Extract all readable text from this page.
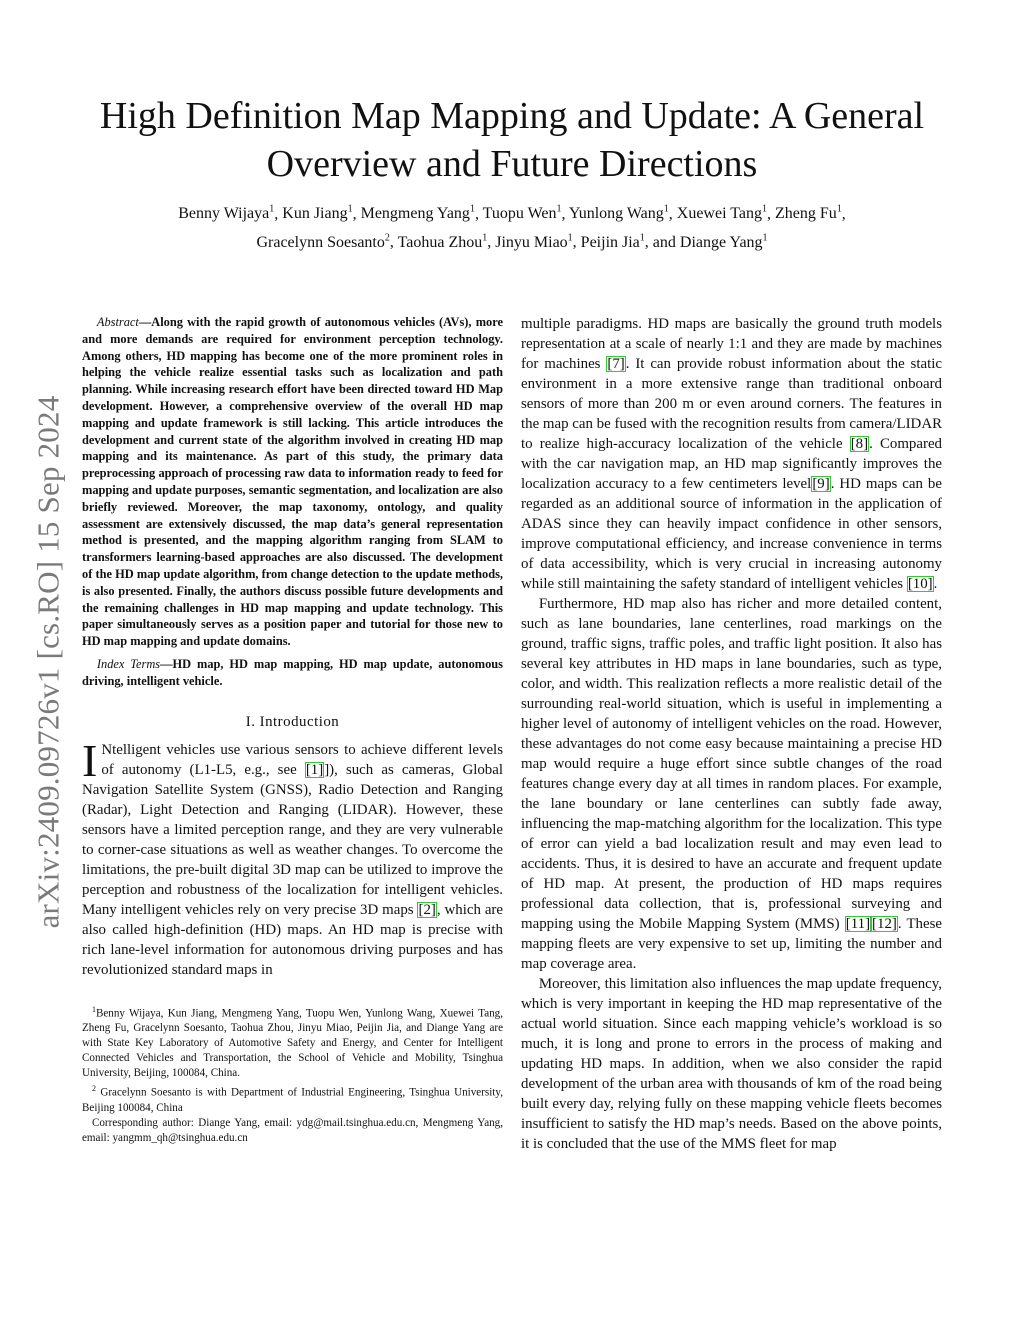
arXiv:2409.09726v1 [cs.RO] 15 Sep 2024
High Definition Map Mapping and Update: A General Overview and Future Directions

Benny Wijaya$^1$, Kun Jiang$^1$, Mengmeng Yang$^1$, Tuopu Wen$^1$, Yunlong Wang$^1$, Xuewei Tang$^1$, Zheng Fu$^1$,
Gracelynn Soesanto$^2$, Taohua Zhou$^1$, Jinyu Miao$^1$, Peijin Jia$^1$, and Diange Yang$^1$

Abstract—Along with the rapid growth of autonomous vehicles (AVs), more and more demands are required for environment perception technology. Among others, HD mapping has become one of the more prominent roles in helping the vehicle realize essential tasks such as localization and path planning. While increasing research effort have been directed toward HD Map development. However, a comprehensive overview of the overall HD map mapping and update framework is still lacking. This article introduces the development and current state of the algorithm involved in creating HD map mapping and its maintenance. As part of this study, the primary data preprocessing approach of processing raw data to information ready to feed for mapping and update purposes, semantic segmentation, and localization are also briefly reviewed. Moreover, the map taxonomy, ontology, and quality assessment are extensively discussed, the map data’s general representation method is presented, and the mapping algorithm ranging from SLAM to transformers learning-based approaches are also discussed. The development of the HD map update algorithm, from change detection to the update methods, is also presented. Finally, the authors discuss possible future developments and the remaining challenges in HD map mapping and update technology. This paper simultaneously serves as a position paper and tutorial for those new to HD map mapping and update domains.

Index Terms—HD map, HD map mapping, HD map update, autonomous driving, intelligent vehicle.

I. Introduction

I Ntelligent vehicles use various sensors to achieve different levels of autonomy (L1-L5, e.g., see [1]]), such as cameras, Global Navigation Satellite System (GNSS), Radio Detection and Ranging (Radar), Light Detection and Ranging (LIDAR). However, these sensors have a limited perception range, and they are very vulnerable to corner-case situations as well as weather changes. To overcome the limitations, the pre-built digital 3D map can be utilized to improve the perception and robustness of the localization for intelligent vehicles. Many intelligent vehicles rely on very precise 3D maps [2], which are also called high-definition (HD) maps. An HD map is precise with rich lane-level information for autonomous driving purposes and has revolutionized standard maps in

$^1$Benny Wijaya, Kun Jiang, Mengmeng Yang, Tuopu Wen, Yunlong Wang, Xuewei Tang, Zheng Fu, Gracelynn Soesanto, Taohua Zhou, Jinyu Miao, Peijin Jia, and Diange Yang are with State Key Laboratory of Automotive Safety and Energy, and Center for Intelligent Connected Vehicles and Transportation, the School of Vehicle and Mobility, Tsinghua University, Beijing, 100084, China.

$^2$ Gracelynn Soesanto is with Department of Industrial Engineering, Tsinghua University, Beijing 100084, China

Corresponding author: Diange Yang, email: ydg@mail.tsinghua.edu.cn, Mengmeng Yang, email: yangmm_qh@tsinghua.edu.cn

multiple paradigms. HD maps are basically the ground truth models representation at a scale of nearly 1:1 and they are made by machines for machines [7]. It can provide robust information about the static environment in a more extensive range than traditional onboard sensors of more than 200 m or even around corners. The features in the map can be fused with the recognition results from camera/LIDAR to realize high-accuracy localization of the vehicle [8]. Compared with the car navigation map, an HD map significantly improves the localization accuracy to a few centimeters level[9]. HD maps can be regarded as an additional source of information in the application of ADAS since they can heavily impact confidence in other sensors, improve computational efficiency, and increase convenience in terms of data accessibility, which is very crucial in increasing autonomy while still maintaining the safety standard of intelligent vehicles [10].

Furthermore, HD map also has richer and more detailed content, such as lane boundaries, lane centerlines, road markings on the ground, traffic signs, traffic poles, and traffic light position. It also has several key attributes in HD maps in lane boundaries, such as type, color, and width. This realization reflects a more realistic detail of the surrounding real-world situation, which is useful in implementing a higher level of autonomy of intelligent vehicles on the road. However, these advantages do not come easy because maintaining a precise HD map would require a huge effort since subtle changes of the road features change every day at all times in random places. For example, the lane boundary or lane centerlines can subtly fade away, influencing the map-matching algorithm for the localization. This type of error can yield a bad localization result and may even lead to accidents. Thus, it is desired to have an accurate and frequent update of HD map. At present, the production of HD maps requires professional data collection, that is, professional surveying and mapping using the Mobile Mapping System (MMS) [11] [12]. These mapping fleets are very expensive to set up, limiting the number and map coverage area.

Moreover, this limitation also influences the map update frequency, which is very important in keeping the HD map representative of the actual world situation. Since each mapping vehicle’s workload is so much, it is long and prone to errors in the process of making and updating HD maps. In addition, when we also consider the rapid development of the urban area with thousands of km of the road being built every day, relying fully on these mapping vehicle fleets becomes insufficient to satisfy the HD map’s needs. Based on the above points, it is concluded that the use of the MMS fleet for map
